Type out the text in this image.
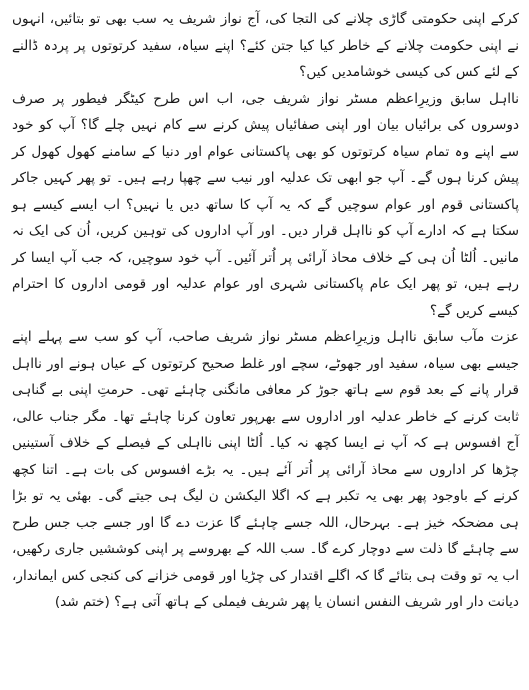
کرکے اپنی حکومتی گاڑی چلانے کی التجا کی، آج نواز شریف یہ سب بھی تو بتائیں، انہوں نے اپنی حکومت چلانے کے خاطر کیا کیا جتن کئے؟ اپنے سیاہ، سفید کرتوتوں پر پردہ ڈالنے کے لئے کس کی کیسی خوشامدیں کیں؟

نااہل سابق وزیرِاعظم مسٹر نواز شریف جی، اب اس طرح کیٹگر فیطور پر صرف دوسروں کی برائیاں بیان اور اپنی صفائیاں پیش کرنے سے کام نہیں چلے گا؟ آپ کو خود سے اپنے وہ تمام سیاہ کرتوتوں کو بھی پاکستانی عوام اور دنیا کے سامنے کھول کھول کر پیش کرنا ہوں گے۔ آپ جو ابھی تک عدلیہ اور نیب سے چھپا رہے ہیں۔ تو پھر کہیں جاکر پاکستانی قوم اور عوام سوچیں گے کہ یہ آپ کا ساتھ دیں یا نہیں؟ اب ایسے کیسے ہو سکتا ہے کہ ادارے آپ کو نااہل قرار دیں۔ اور آپ اداروں کی توہین کریں، اُن کی ایک نہ مانیں۔ اُلٹا اُن ہی کے خلاف محاذ آرائی پر اُتر آئیں۔ آپ خود سوچیں، کہ جب آپ ایسا کر رہے ہیں، تو پھر ایک عام پاکستانی شہری اور عوام عدلیہ اور قومی اداروں کا احترام کیسے کریں گے؟

عزت مآب سابق نااہل وزیرِاعظم مسٹر نواز شریف صاحب، آپ کو سب سے پہلے اپنے جیسے بھی سیاہ، سفید اور جھوٹے، سچے اور غلط صحیح کرتوتوں کے عیاں ہونے اور نااہل قرار پانے کے بعد قوم سے ہاتھ جوڑ کر معافی مانگنی چاہئے تھی۔ حرمتِ اپنی بے گناہی ثابت کرنے کے خاطر عدلیہ اور اداروں سے بھرپور تعاون کرنا چاہئے تھا۔ مگر جناب عالی، آج افسوس ہے کہ آپ نے ایسا کچھ نہ کیا۔ اُلٹا اپنی نااہلی کے فیصلے کے خلاف آستینیں چڑھا کر اداروں سے محاذ آرائی پر اُتر آئے ہیں۔ یہ بڑے افسوس کی بات ہے۔ اتنا کچھ کرنے کے باوجود پھر بھی یہ تکبر ہے کہ اگلا الیکشن ن لیگ ہی جیتے گی۔ بھئی یہ تو بڑا ہی مضحکہ خیز ہے۔ بہرحال، اللہ جسے چاہئے گا عزت دے گا اور جسے جب جس طرح سے چاہئے گا ذلت سے دوچار کرے گا۔ سب اللہ کے بھروسے پر اپنی کوششیں جاری رکھیں، اب یہ تو وقت ہی بتائے گا کہ اگلے اقتدار کی چڑیا اور قومی خزانے کی کنجی کس ایماندار، دیانت دار اور شریف النفس انسان یا پھر شریف فیملی کے ہاتھ آتی ہے؟ (ختم شد)
